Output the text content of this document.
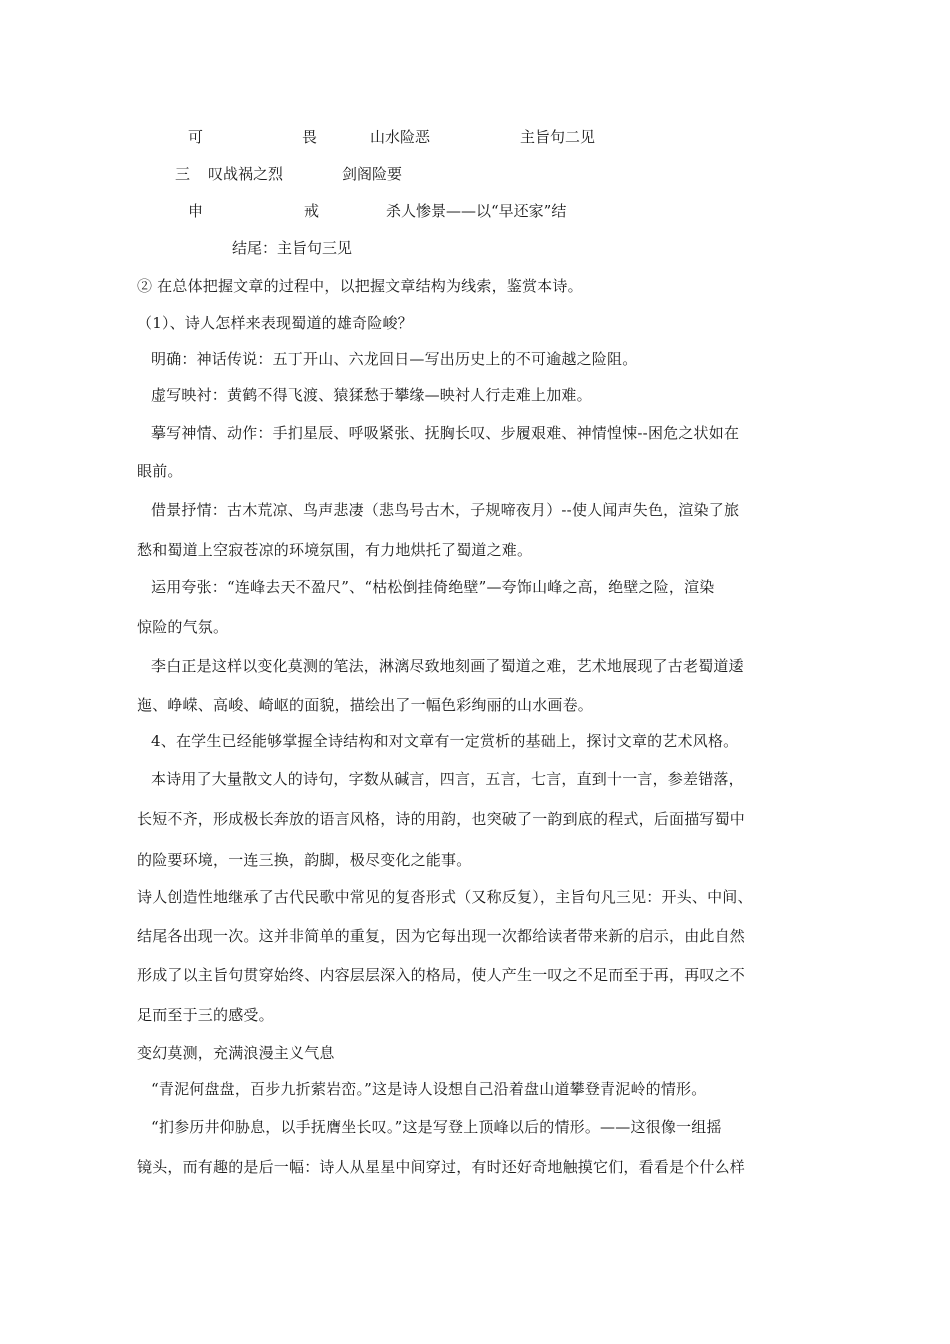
可	畏	山水险恶	主旨句二见
三 叹战祸之烈	剑阁险要
申	戒	杀人惨景——以“早还家”结
结尾：主旨句三见
② 在总体把握文章的过程中，以把握文章结构为线索，鉴赏本诗。
（1）、诗人怎样来表现蜀道的雄奇险峻？
明确：神话传说：五丁开山、六龙回日—写出历史上的不可逾越之险阻。
虚写映衬：黄鹤不得飞渡、猿猱愁于攀缘—映衬人行走难上加难。
摹写神情、动作：手扪星辰、呼吸紧张、抚胸长叹、步履艰难、神情惶悚--困危之状如在
眼前。
借景抒情：古木荒凉、鸟声悲凄（悲鸟号古木，子规啼夜月）--使人闻声失色，渲染了旅
愁和蜀道上空寂苍凉的环境氛围，有力地烘托了蜀道之难。
运用夸张：“连峰去天不盈尺”、“枯松倒挂倚绝壁”—夸饰山峰之高，绝壁之险，渲染
惊险的气氛。
李白正是这样以变化莫测的笔法，淋漓尽致地刻画了蜀道之难，艺术地展现了古老蜀道逶
迤、峥嵘、高峻、崎岖的面貌，描绘出了一幅色彩绚丽的山水画卷。
4、在学生已经能够掌握全诗结构和对文章有一定赏析的基础上，探讨文章的艺术风格。
本诗用了大量散文人的诗句，字数从碱言，四言，五言，七言，直到十一言，参差错落，
长短不齐，形成极长奔放的语言风格，诗的用韵，也突破了一韵到底的程式，后面描写蜀中
的险要环境，一连三换，韵脚，极尽变化之能事。
诗人创造性地继承了古代民歌中常见的复沓形式（又称反复），主旨句凡三见：开头、中间、
结尾各出现一次。这并非简单的重复，因为它每出现一次都给读者带来新的启示，由此自然
形成了以主旨句贯穿始终、内容层层深入的格局，使人产生一叹之不足而至于再，再叹之不
足而至于三的感受。
变幻莫测，充满浪漫主义气息
“青泥何盘盘，百步九折萦岩峦。”这是诗人设想自己沿着盘山道攀登青泥岭的情形。
“扪参历井仰胁息，以手抚膺坐长叹。”这是写登上顶峰以后的情形。——这很像一组摇
镜头，而有趣的是后一幅：诗人从星星中间穿过，有时还好奇地触摸它们，看看是个什么样
